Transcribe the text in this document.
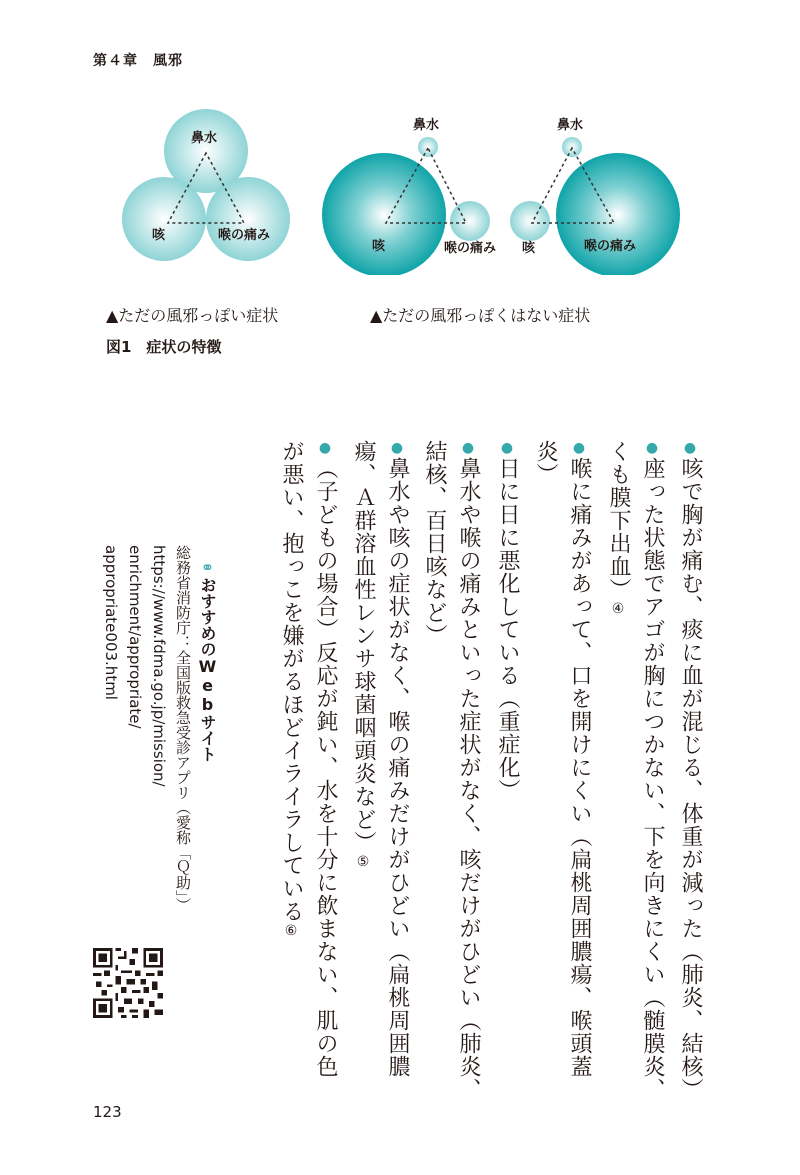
第４章　風邪
鼻水
咳	喉の痛み
鼻水
咳	喉の痛み
鼻水
咳	喉の痛み
▲ただの風邪っぽい症状	▲ただの風邪っぽくはない症状
図1　症状の特徴
●咳で胸が痛む、痰に血が混じる、体重が減った（肺炎、結核）
●座った状態でアゴが胸につかない、下を向きにくい（髄膜炎、
くも膜下出血）④
●喉に痛みがあって、口を開けにくい（扁桃周囲膿瘍、喉頭蓋
炎）
●日に日に悪化している（重症化）
●鼻水や喉の痛みといった症状がなく、咳だけがひどい（肺炎、
結核、百日咳など）
●鼻水や咳の症状がなく、喉の痛みだけがひどい（扁桃周囲膿
瘍、Ａ群溶血性レンサ球菌咽頭炎など）⑤
●（子どもの場合）反応が鈍い、水を十分に飲まない、肌の色
が悪い、抱っこを嫌がるほどイライラしている⑥

⚭おすすめのWebサイト

総務省消防庁：全国版救急受診アプリ（愛称「Ｑ助」）
https://www.fdma.go.jp/mission/
enrichment/appropriate/
appropriate003.html
123
